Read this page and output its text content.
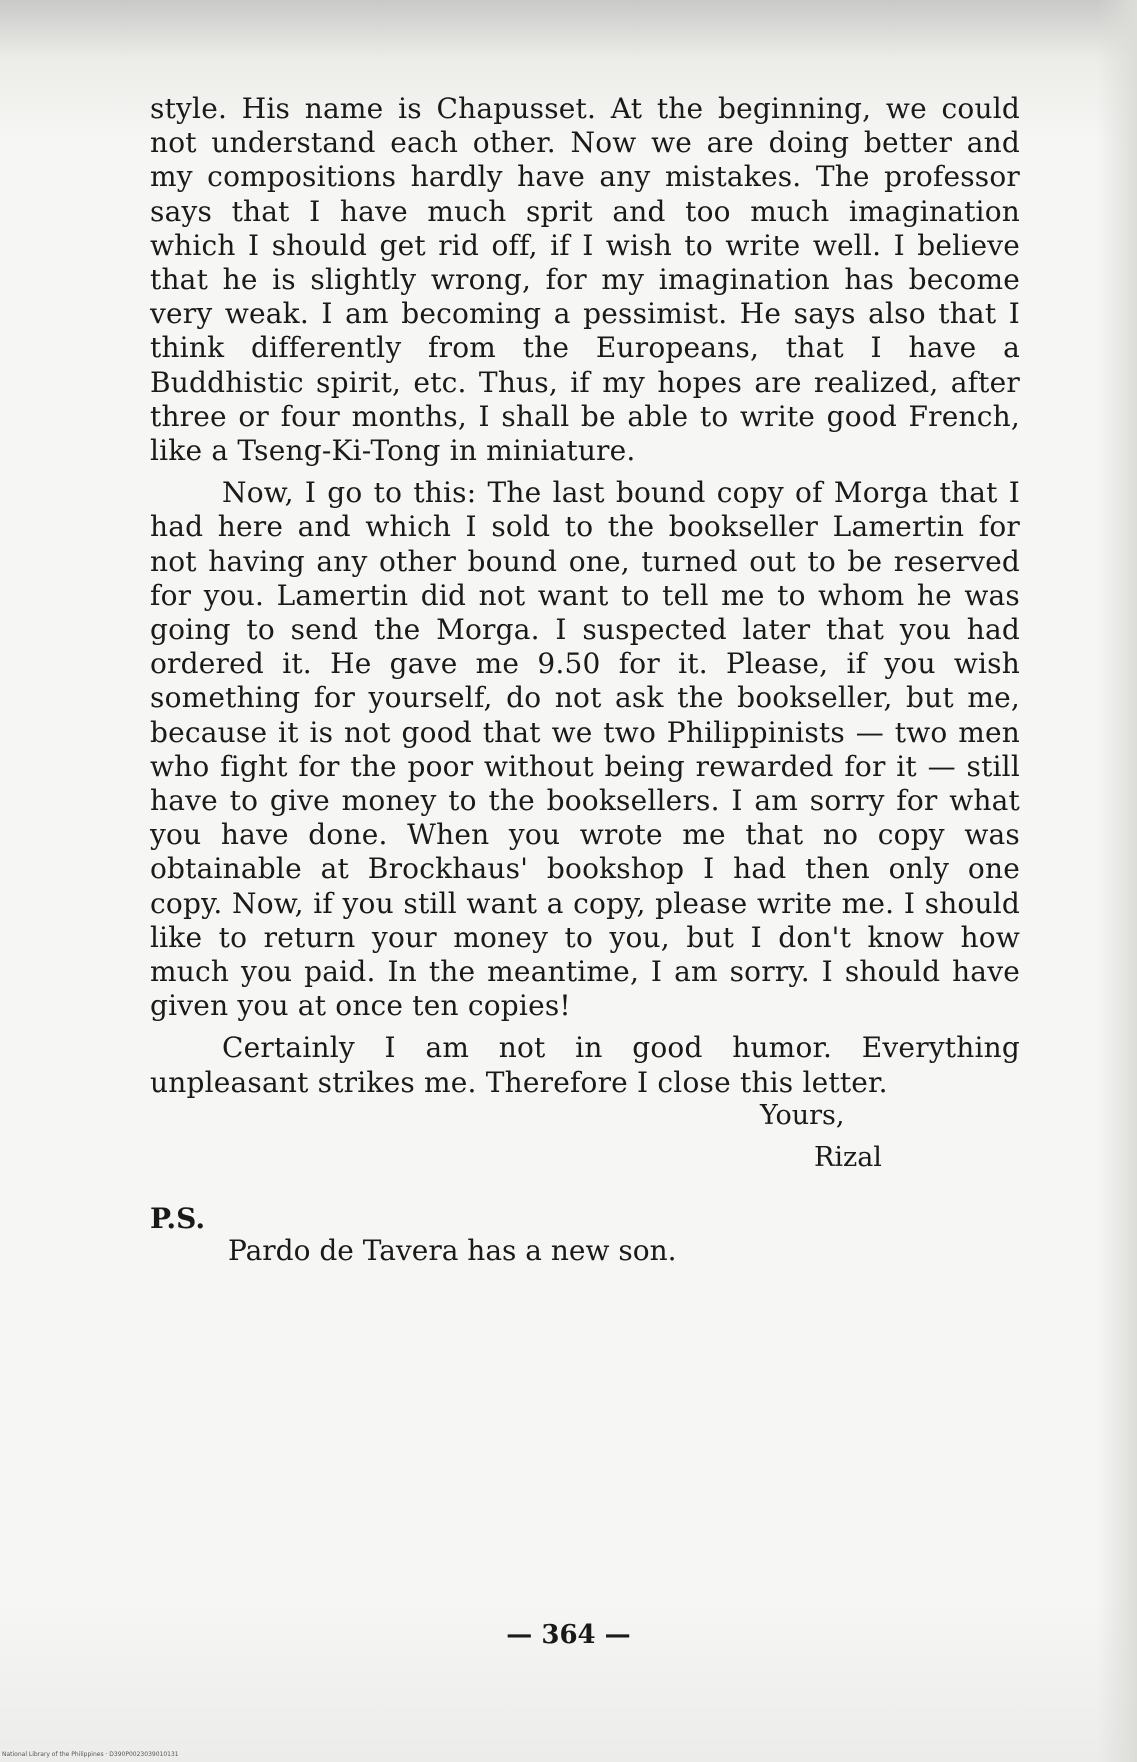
style. His name is Chapusset. At the beginning, we could not understand each other. Now we are doing better and my compositions hardly have any mistakes. The professor says that I have much sprit and too much imagination which I should get rid off, if I wish to write well. I believe that he is slightly wrong, for my imagination has become very weak. I am becoming a pessimist. He says also that I think differently from the Europeans, that I have a Buddhistic spirit, etc. Thus, if my hopes are realized, after three or four months, I shall be able to write good French, like a Tseng-Ki-Tong in miniature.

Now, I go to this: The last bound copy of Morga that I had here and which I sold to the bookseller Lamertin for not having any other bound one, turned out to be reserved for you. Lamertin did not want to tell me to whom he was going to send the Morga. I suspected later that you had ordered it. He gave me 9.50 for it. Please, if you wish something for yourself, do not ask the bookseller, but me, because it is not good that we two Philippinists — two men who fight for the poor without being rewarded for it — still have to give money to the booksellers. I am sorry for what you have done. When you wrote me that no copy was obtainable at Brockhaus' bookshop I had then only one copy. Now, if you still want a copy, please write me. I should like to return your money to you, but I don't know how much you paid. In the meantime, I am sorry. I should have given you at once ten copies!

Certainly I am not in good humor. Everything unpleasant strikes me. Therefore I close this letter.

Yours,
Rizal
P.S.
Pardo de Tavera has a new son.
— 364 —
National Library of the Philippines · D390P0023039010131
